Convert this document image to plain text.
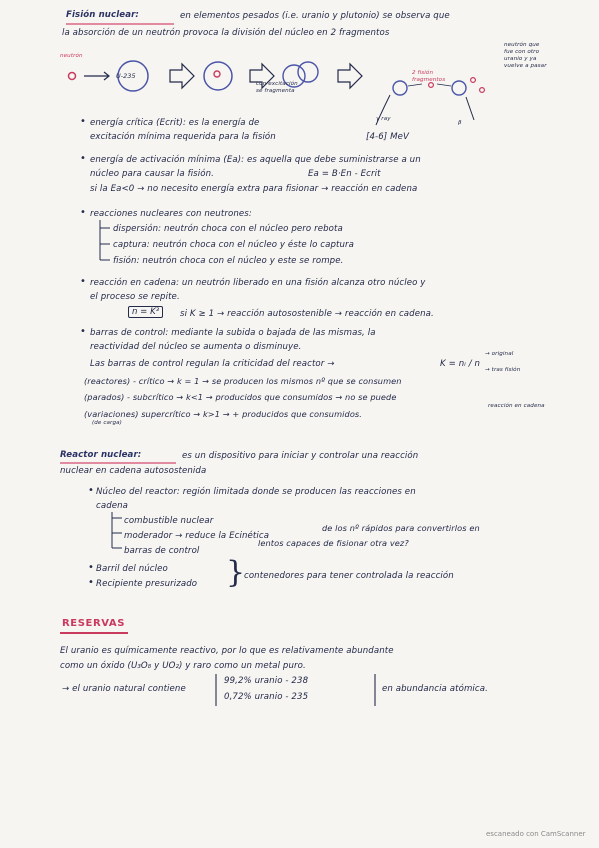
Fisión nuclear:	en elementos pesados (i.e. uranio y plutonio) se observa que
la absorción de un neutrón provoca la división del núcleo en 2 fragmentos
neutrón
U-235
con excitación
se fragmenta
2 fisión
fragmentos
γ ray
β
neutrón que
fue con otro
uranio y ya
vuelve a pasar
• energía crítica (Ecrit): es la energía de
excitación mínima requerida para la fisión	[4-6] MeV
• energía de activación mínima (Ea): es aquella que debe suministrarse a un
núcleo para causar la fisión.	Ea = B·En - Ecrit
si la Ea<0 → no necesito energía extra para fisionar → reacción en cadena
• reacciones nucleares con neutrones:
dispersión: neutrón choca con el núcleo pero rebota
captura: neutrón choca con el núcleo y éste lo captura
fisión: neutrón choca con el núcleo y este se rompe.
• reacción en cadena: un neutrón liberado en una fisión alcanza otro núcleo y
el proceso se repite.
n = K³	si K ≥ 1 → reacción autosostenible → reacción en cadena.
• barras de control: mediante la subida o bajada de las mismas, la
reactividad del núcleo se aumenta o disminuye.
Las barras de control regulan la criticidad del reactor →	K = nᵢ / n
→ original
→ tras fisión
(reactores) - crítico → k = 1 → se producen los mismos nº que se consumen
(parados) - subcrítico → k<1 → producidos que consumidos → no se puede
reacción en cadena
(variaciones) supercrítico → k>1 → + producidos que consumidos.
(de carga)
Reactor nuclear:	es un dispositivo para iniciar y controlar una reacción
nuclear en cadena autosostenida
• Núcleo del reactor: región limitada donde se producen las reacciones en
cadena
combustible nuclear
moderador → reduce la Ecinética
barras de control
de los nº rápidos para convertirlos en
lentos capaces de fisionar otra vez?
• Barril del núcleo
• Recipiente presurizado }
contenedores para tener controlada la reacción
RESERVAS
El uranio es químicamente reactivo, por lo que es relativamente abundante
como un óxido (U₃O₈ y UO₂) y raro como un metal puro.
→ el uranio natural contiene
99,2% uranio - 238
0,72% uranio - 235
en abundancia atómica.
escaneado con CamScanner
